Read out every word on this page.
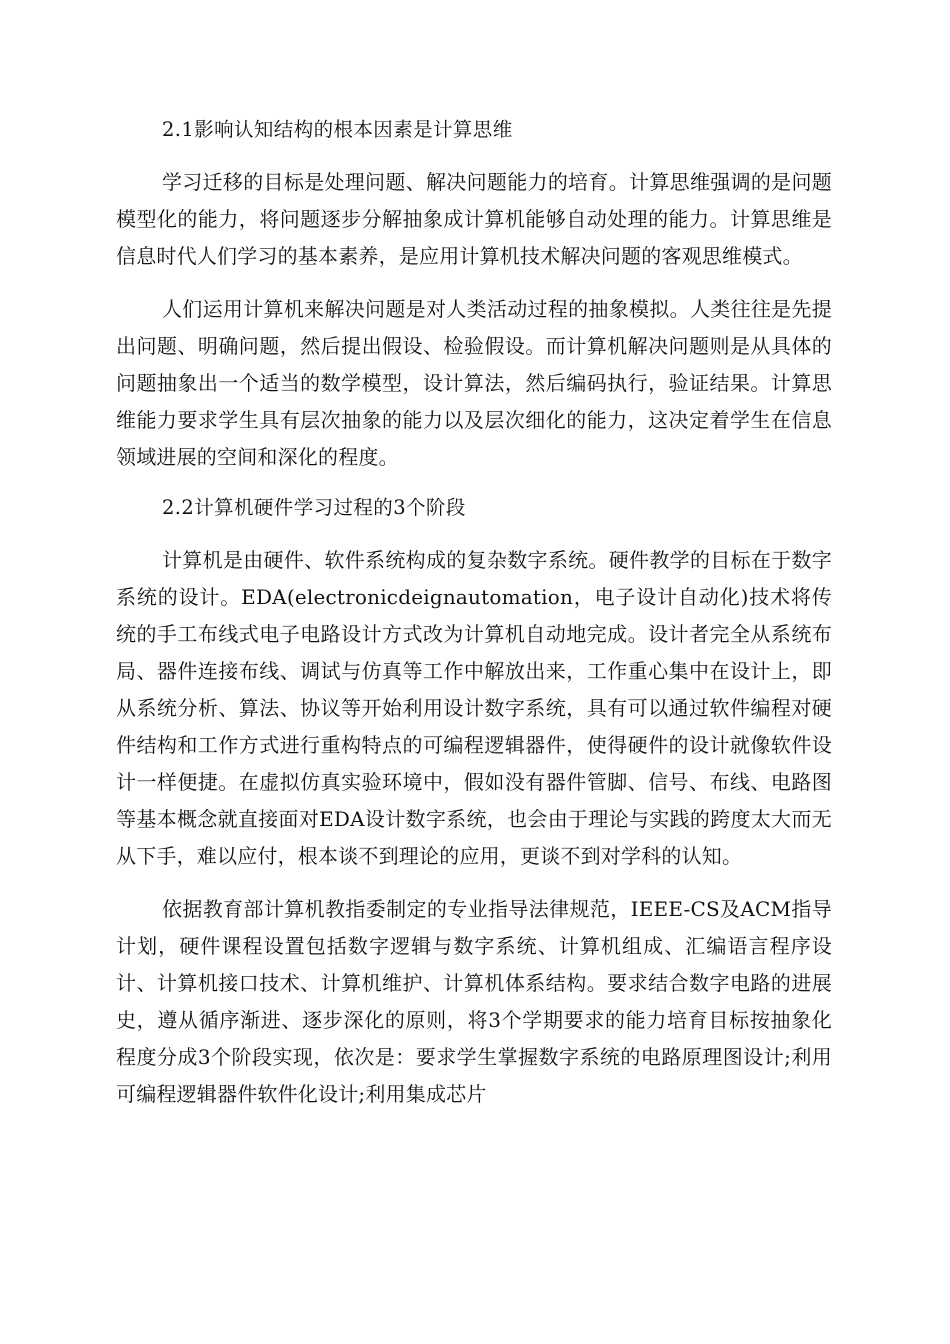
2.1影响认知结构的根本因素是计算思维

学习迁移的目标是处理问题、解决问题能力的培育。计算思维强调的是问题模型化的能力，将问题逐步分解抽象成计算机能够自动处理的能力。计算思维是信息时代人们学习的基本素养，是应用计算机技术解决问题的客观思维模式。

人们运用计算机来解决问题是对人类活动过程的抽象模拟。人类往往是先提出问题、明确问题，然后提出假设、检验假设。而计算机解决问题则是从具体的问题抽象出一个适当的数学模型，设计算法，然后编码执行，验证结果。计算思维能力要求学生具有层次抽象的能力以及层次细化的能力，这决定着学生在信息领域进展的空间和深化的程度。

2.2计算机硬件学习过程的3个阶段

计算机是由硬件、软件系统构成的复杂数字系统。硬件教学的目标在于数字系统的设计。EDA(electronicdeignautomation，电子设计自动化)技术将传统的手工布线式电子电路设计方式改为计算机自动地完成。设计者完全从系统布局、器件连接布线、调试与仿真等工作中解放出来，工作重心集中在设计上，即从系统分析、算法、协议等开始利用设计数字系统，具有可以通过软件编程对硬件结构和工作方式进行重构特点的可编程逻辑器件，使得硬件的设计就像软件设计一样便捷。在虚拟仿真实验环境中，假如没有器件管脚、信号、布线、电路图等基本概念就直接面对EDA设计数字系统，也会由于理论与实践的跨度太大而无从下手，难以应付，根本谈不到理论的应用，更谈不到对学科的认知。

依据教育部计算机教指委制定的专业指导法律规范，IEEE-CS及ACM指导计划，硬件课程设置包括数字逻辑与数字系统、计算机组成、汇编语言程序设计、计算机接口技术、计算机维护、计算机体系结构。要求结合数字电路的进展史，遵从循序渐进、逐步深化的原则，将3个学期要求的能力培育目标按抽象化程度分成3个阶段实现，依次是：要求学生掌握数字系统的电路原理图设计;利用可编程逻辑器件软件化设计;利用集成芯片
